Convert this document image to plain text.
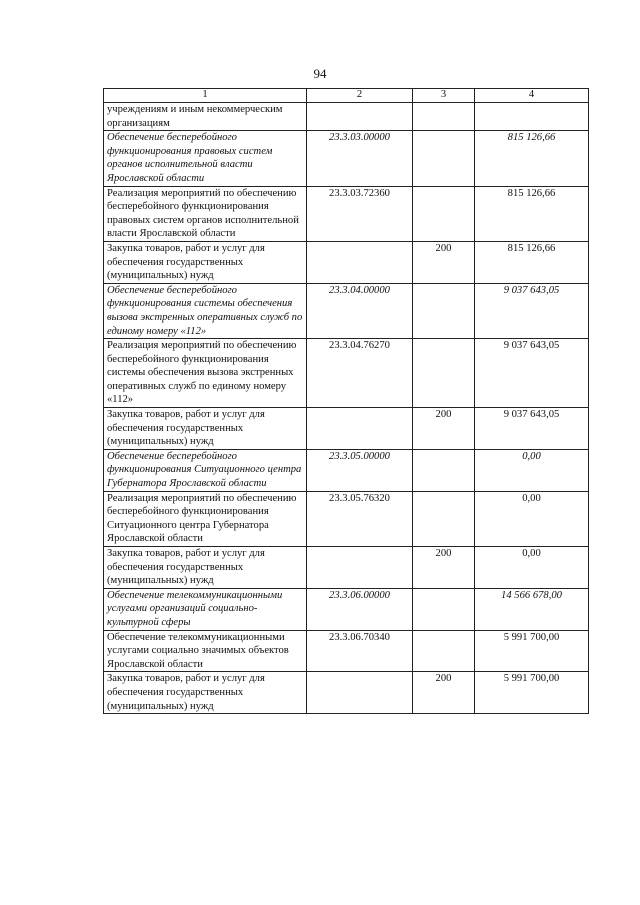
94
1	2	3	4
учреждениям и иным некоммерческим организациям			
Обеспечение бесперебойного функционирования правовых систем органов исполнительной власти Ярославской области	23.3.03.00000		815 126,66
Реализация мероприятий по обеспечению бесперебойного функционирования правовых систем органов исполнительной власти Ярославской области	23.3.03.72360		815 126,66
Закупка товаров, работ и услуг для обеспечения государственных (муниципальных) нужд		200	815 126,66
Обеспечение бесперебойного функционирования системы обеспечения вызова экстренных оперативных служб по единому номеру «112»	23.3.04.00000		9 037 643,05
Реализация мероприятий по обеспечению бесперебойного функционирования системы обеспечения вызова экстренных оперативных служб по единому номеру «112»	23.3.04.76270		9 037 643,05
Закупка товаров, работ и услуг для обеспечения государственных (муниципальных) нужд		200	9 037 643,05
Обеспечение бесперебойного функционирования Ситуационного центра Губернатора Ярославской области	23.3.05.00000		0,00
Реализация мероприятий по обеспечению бесперебойного функционирования Ситуационного центра Губернатора Ярославской области	23.3.05.76320		0,00
Закупка товаров, работ и услуг для обеспечения государственных (муниципальных) нужд		200	0,00
Обеспечение телекоммуникационными услугами организаций социально-культурной сферы	23.3.06.00000		14 566 678,00
Обеспечение телекоммуникационными услугами социально значимых объектов Ярославской области	23.3.06.70340		5 991 700,00
Закупка товаров, работ и услуг для обеспечения государственных (муниципальных) нужд		200	5 991 700,00
